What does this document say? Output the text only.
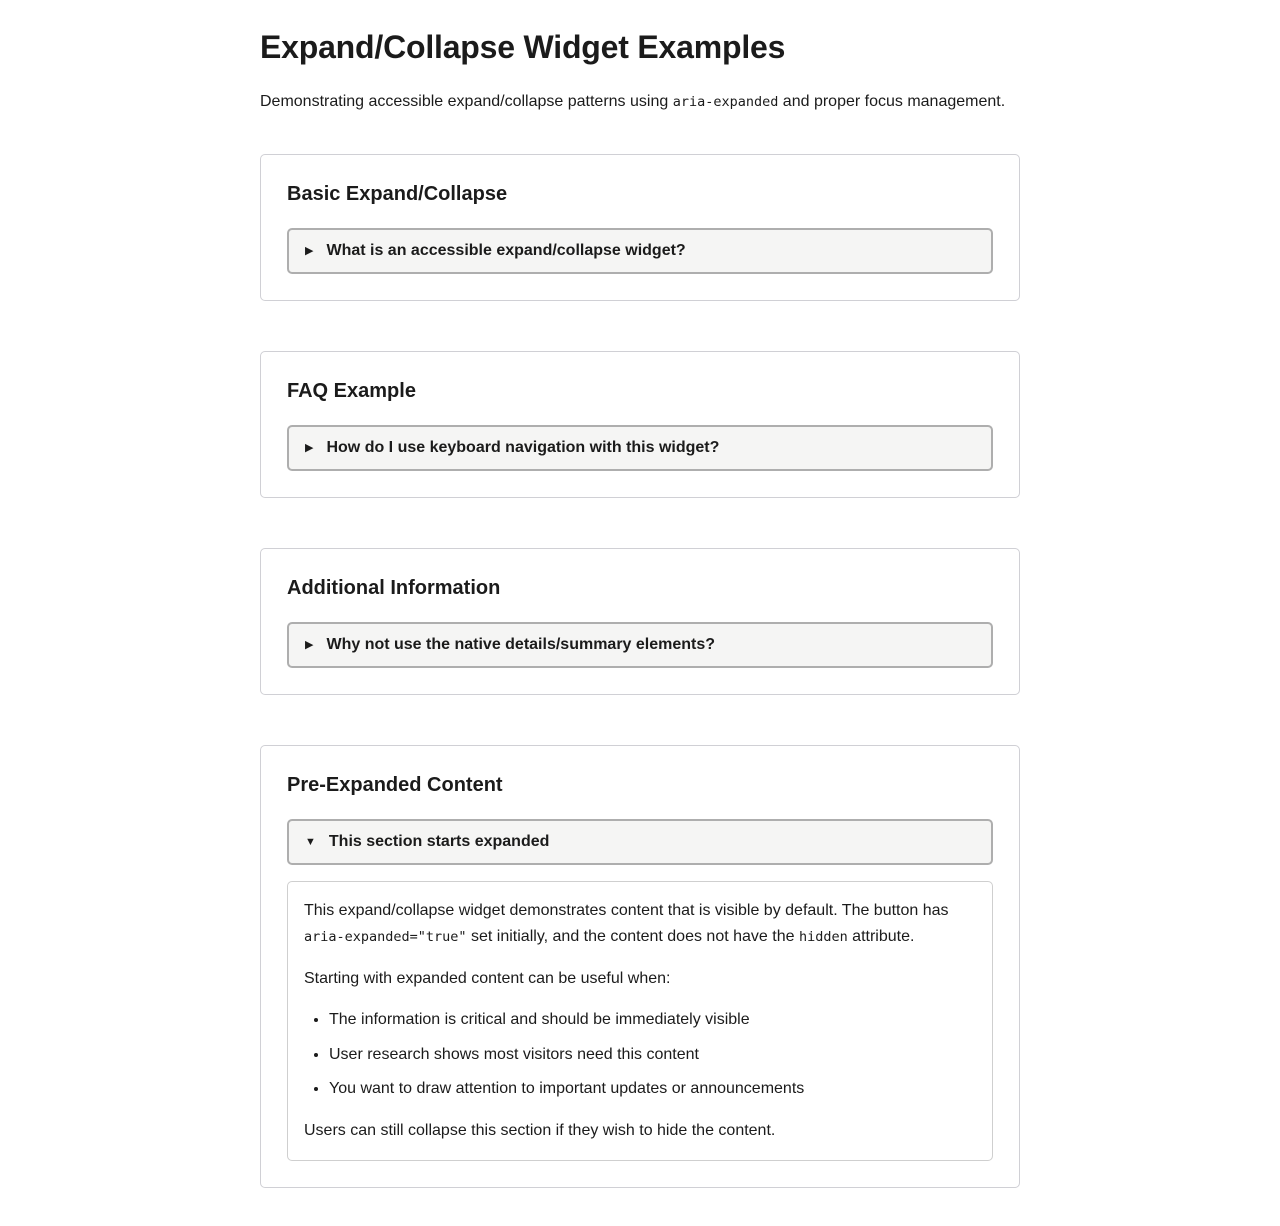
Expand/Collapse Widget Examples

Demonstrating accessible expand/collapse patterns using aria-expanded and proper focus management.

Basic Expand/Collapse
▶ What is an accessible expand/collapse widget?
FAQ Example
▶ How do I use keyboard navigation with this widget?
Additional Information
▶ Why not use the native details/summary elements?
Pre-Expanded Content
▼ This section starts expanded

This expand/collapse widget demonstrates content that is visible by default. The button has aria-expanded="true" set initially, and the content does not have the hidden attribute.

Starting with expanded content can be useful when:

• The information is critical and should be immediately visible
• User research shows most visitors need this content
• You want to draw attention to important updates or announcements

Users can still collapse this section if they wish to hide the content.
